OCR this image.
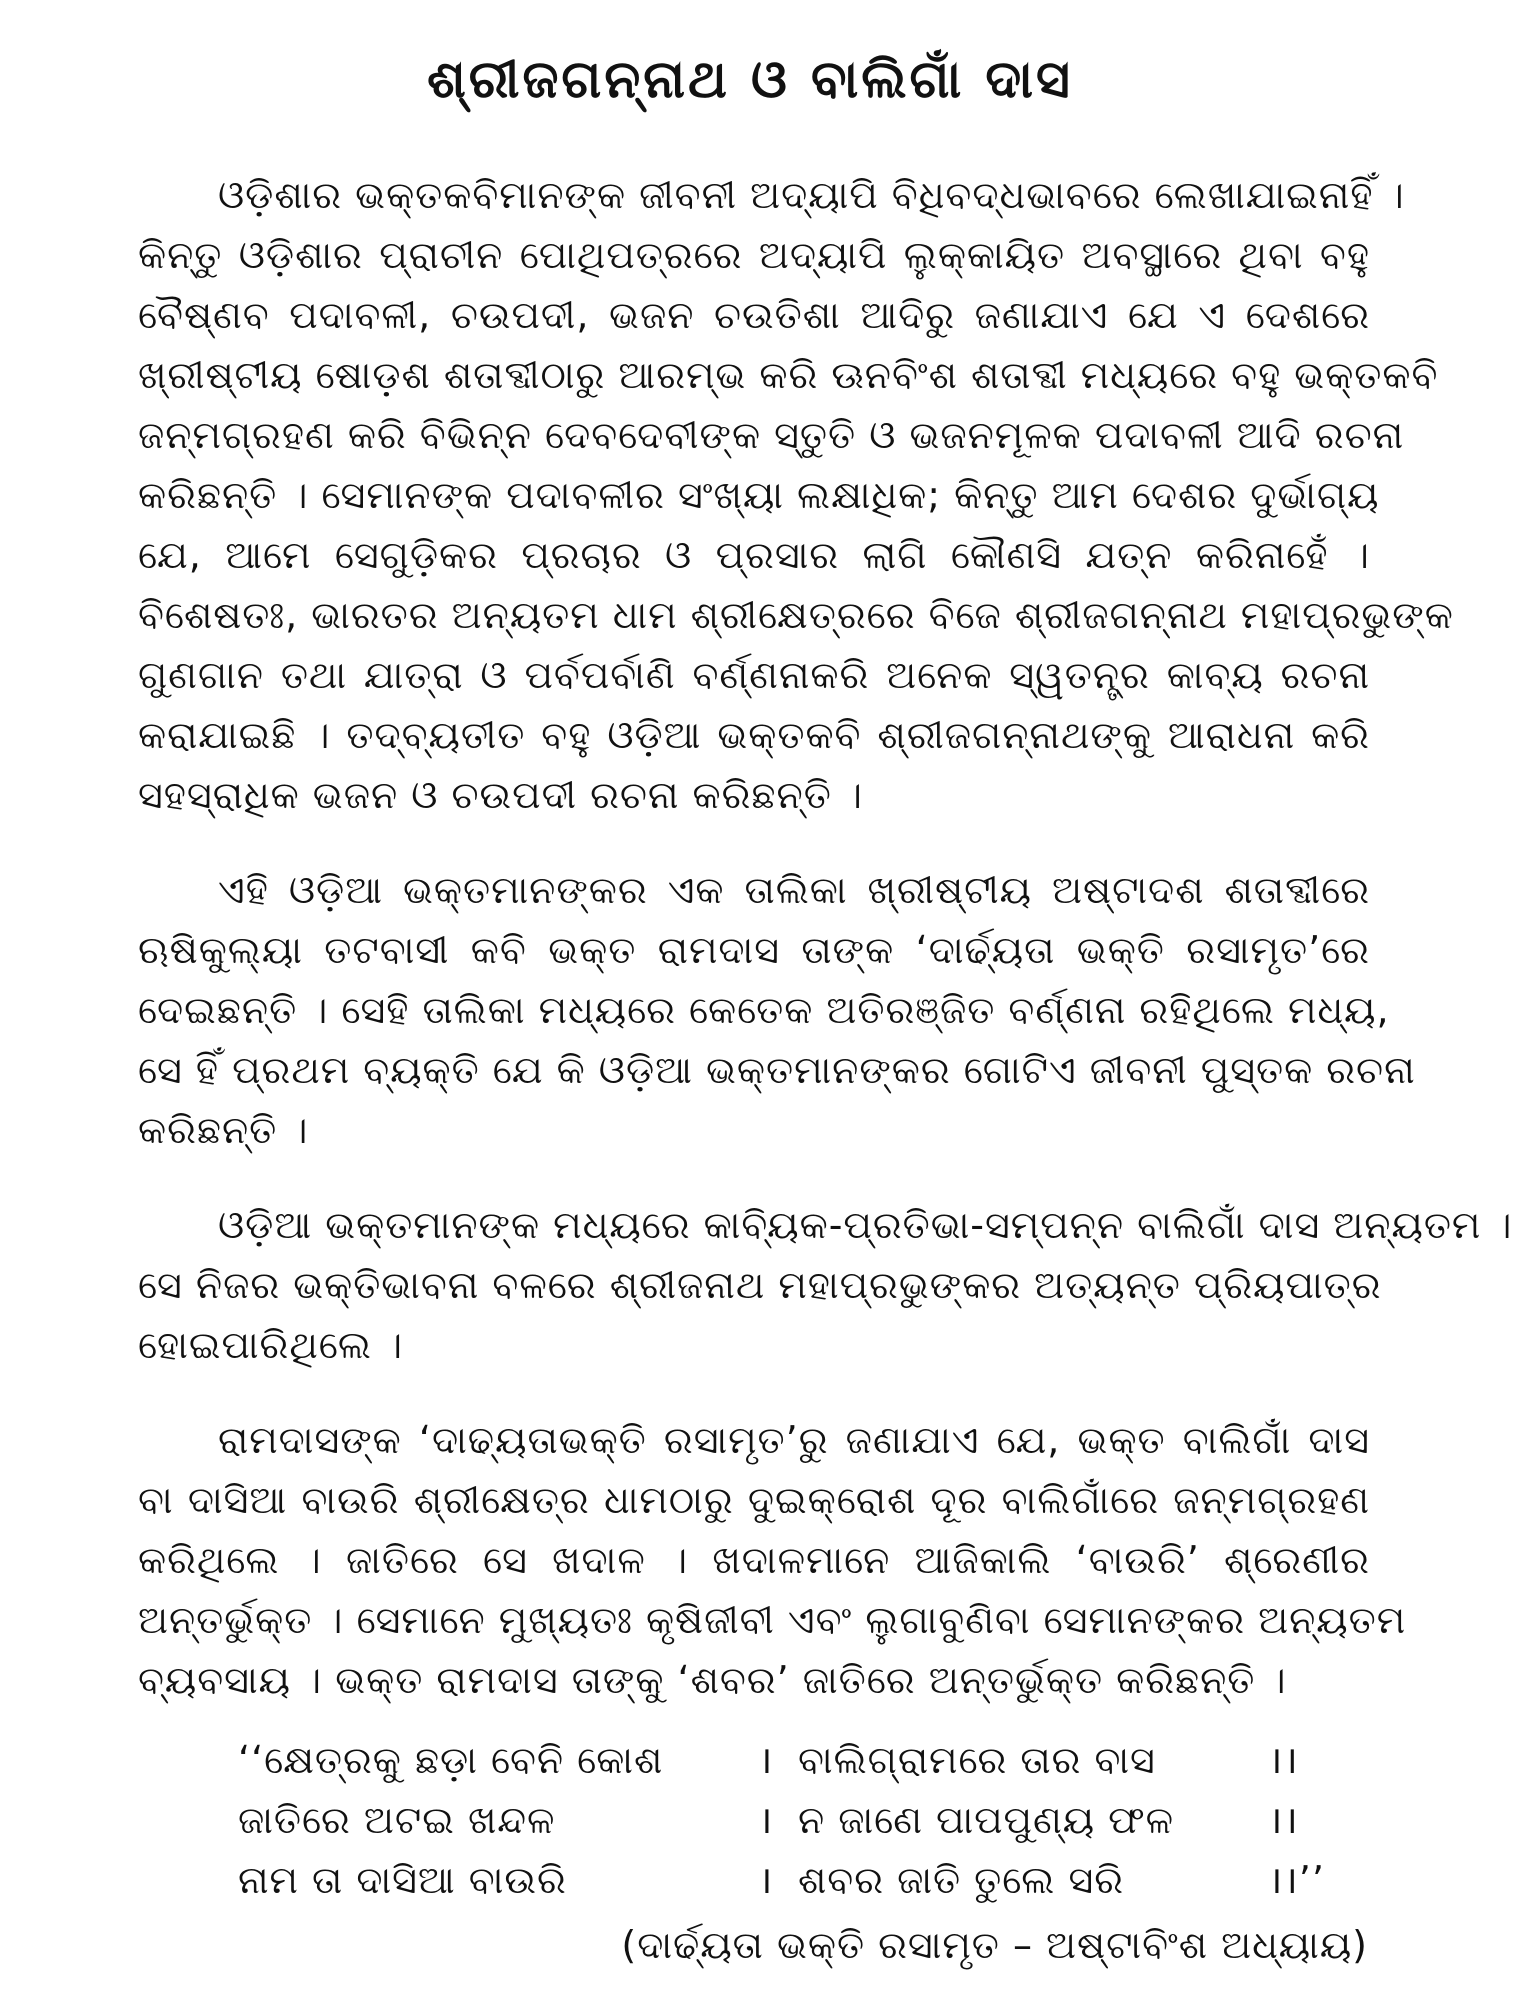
ଶ୍ରୀଜଗନ୍ନାଥ ଓ ବାଲିଗାଁ ଦାସ
ଓଡ଼ିଶାର ଭକ୍ତକବିମାନଙ୍କ ଜୀବନୀ ଅଦ୍ୟାପି ବିଧିବଦ୍ଧଭାବରେ ଲେଖାଯାଇନାହିଁ ।
କିନ୍ତୁ ଓଡ଼ିଶାର ପ୍ରାଚୀନ ପୋଥିପତ୍ରରେ ଅଦ୍ୟାପି ଲୁକ୍‌କାୟିତ ଅବସ୍ଥାରେ ଥିବା ବହୁ
ବୈଷ୍ଣବ ପଦାବଳୀ, ଚଉପଦୀ, ଭଜନ ଚଉତିଶା ଆଦିରୁ ଜଣାଯାଏ ଯେ ଏ ଦେଶରେ
ଖ୍ରୀଷ୍ଟୀୟ ଷୋଡ଼ଶ ଶତାବ୍ଦୀଠାରୁ ଆରମ୍ଭ କରି ଊନବିଂଶ ଶତାବ୍ଦୀ ମଧ୍ୟରେ ବହୁ ଭକ୍ତକବି
ଜନ୍ମଗ୍ରହଣ କରି ବିଭିନ୍ନ ଦେବଦେବୀଙ୍କ ସ୍ତୁତି ଓ ଭଜନମୂଳକ ପଦାବଳୀ ଆଦି ରଚନା
କରିଛନ୍ତି । ସେମାନଙ୍କ ପଦାବଳୀର ସଂଖ୍ୟା ଲକ୍ଷାଧିକ; କିନ୍ତୁ ଆମ ଦେଶର ଦୁର୍ଭାଗ୍ୟ
ଯେ, ଆମେ ସେଗୁଡ଼ିକର ପ୍ରଚାର ଓ ପ୍ରସାର ଲାଗି କୌଣସି ଯତ୍ନ କରିନାହେଁ ।
ବିଶେଷତଃ, ଭାରତର ଅନ୍ୟତମ ଧାମ ଶ୍ରୀକ୍ଷେତ୍ରରେ ବିଜେ ଶ୍ରୀଜଗନ୍ନାଥ ମହାପ୍ରଭୁଙ୍କ
ଗୁଣଗାନ ତଥା ଯାତ୍ରା ଓ ପର୍ବପର୍ବାଣି ବର୍ଣ୍ଣନାକରି ଅନେକ ସ୍ୱତନ୍ତ୍ର କାବ୍ୟ ରଚନା
କରାଯାଇଛି । ତଦ୍‌ବ୍ୟତୀତ ବହୁ ଓଡ଼ିଆ ଭକ୍ତକବି ଶ୍ରୀଜଗନ୍ନାଥଙ୍କୁ ଆରାଧନା କରି
ସହସ୍ରାଧିକ ଭଜନ ଓ ଚଉପଦୀ ରଚନା କରିଛନ୍ତି ।
ଏହି ଓଡ଼ିଆ ଭକ୍ତମାନଙ୍କର ଏକ ତାଲିକା ଖ୍ରୀଷ୍ଟୀୟ ଅଷ୍ଟାଦଶ ଶତାବ୍ଦୀରେ
ଋଷିକୁଲ୍ୟା ତଟବାସୀ କବି ଭକ୍ତ ରାମଦାସ ତାଙ୍କ ‘ଦାର୍ଢ୍ୟତା ଭକ୍ତି ରସାମୃତ’ରେ
ଦେଇଛନ୍ତି । ସେହି ତାଲିକା ମଧ୍ୟରେ କେତେକ ଅତିରଞ୍ଜିତ ବର୍ଣ୍ଣନା ରହିଥିଲେ ମଧ୍ୟ,
ସେ ହିଁ ପ୍ରଥମ ବ୍ୟକ୍ତି ଯେ କି ଓଡ଼ିଆ ଭକ୍ତମାନଙ୍କର ଗୋଟିଏ ଜୀବନୀ ପୁସ୍ତକ ରଚନା
କରିଛନ୍ତି ।
ଓଡ଼ିଆ ଭକ୍ତମାନଙ୍କ ମଧ୍ୟରେ କାବ୍ୟିକ-ପ୍ରତିଭା-ସମ୍ପନ୍ନ ବାଲିଗାଁ ଦାସ ଅନ୍ୟତମ ।
ସେ ନିଜର ଭକ୍ତିଭାବନା ବଳରେ ଶ୍ରୀଜନାଥ ମହାପ୍ରଭୁଙ୍କର ଅତ୍ୟନ୍ତ ପ୍ରିୟପାତ୍ର
ହୋଇପାରିଥିଲେ ।
ରାମଦାସଙ୍କ ‘ଦାଢ୍ୟତାଭକ୍ତି ରସାମୃତ’ରୁ ଜଣାଯାଏ ଯେ, ଭକ୍ତ ବାଲିଗାଁ ଦାସ
ବା ଦାସିଆ ବାଉରି ଶ୍ରୀକ୍ଷେତ୍ର ଧାମଠାରୁ ଦୁଇକ୍ରୋଶ ଦୂର ବାଲିଗାଁରେ ଜନ୍ମଗ୍ରହଣ
କରିଥିଲେ । ଜାତିରେ ସେ ଖଦାଳ । ଖଦାଳମାନେ ଆଜିକାଲି ‘ବାଉରି’ ଶ୍ରେଣୀର
ଅନ୍ତର୍ଭୁକ୍ତ । ସେମାନେ ମୁଖ୍ୟତଃ କୃଷିଜୀବୀ ଏବଂ ଲୁଗାବୁଣିବା ସେମାନଙ୍କର ଅନ୍ୟତମ
ବ୍ୟବସାୟ । ଭକ୍ତ ରାମଦାସ ତାଙ୍କୁ ‘ଶବର’ ଜାତିରେ ଅନ୍ତର୍ଭୁକ୍ତ କରିଛନ୍ତି ।
‘‘କ୍ଷେତ୍ରକୁ ଛଡ଼ା ବେନି କୋଶ । ବାଲିଗ୍ରାମରେ ତାର ବାସ	।।
ଜାତିରେ ଅଟଇ ଖନ୍ଦଳ	। ନ ଜାଣେ ପାପପୁଣ୍ୟ ଫଳ ।।
ନାମ ତା ଦାସିଆ ବାଉରି	। ଶବର ଜାତି ତୁଲେ ସରି	।।’’
(ଦାର୍ଢ୍ୟତା ଭକ୍ତି ରସାମୃତ – ଅଷ୍ଟାବିଂଶ ଅଧ୍ୟାୟ)
